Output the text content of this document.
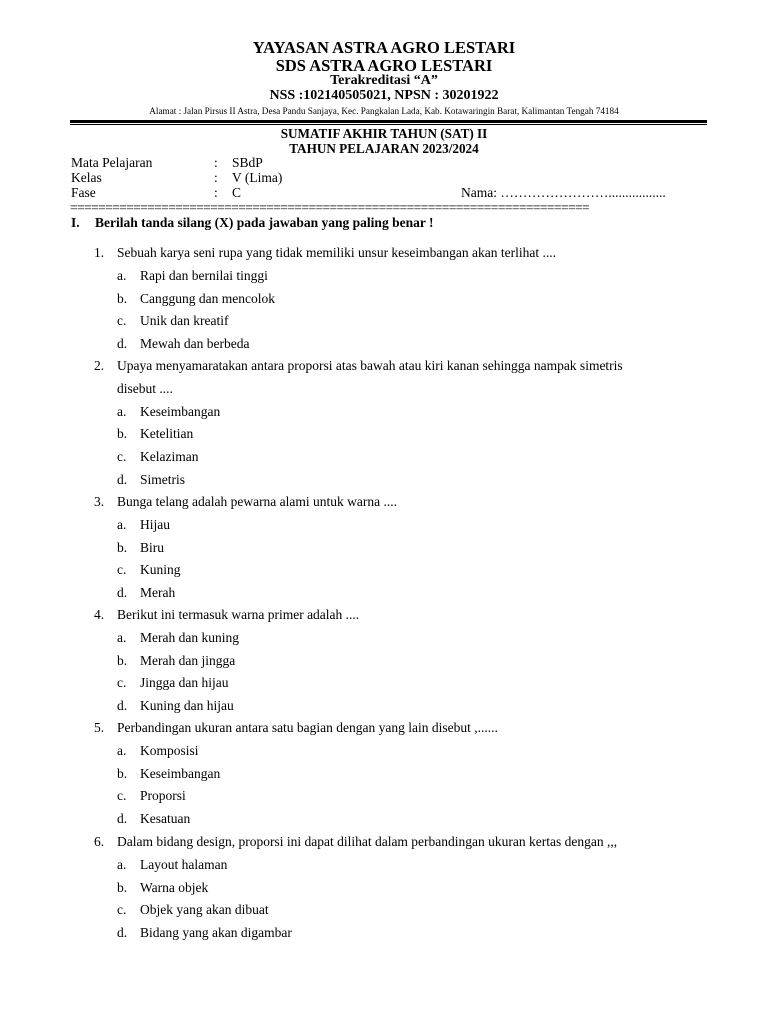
YAYASAN ASTRA AGRO LESTARI
SDS ASTRA AGRO LESTARI
Terakreditasi “A”
NSS :102140505021, NPSN : 30201922
Alamat : Jalan Pirsus II Astra, Desa Pandu Sanjaya, Kec. Pangkalan Lada, Kab. Kotawaringin Barat, Kalimantan Tengah 74184
SUMATIF AKHIR TAHUN (SAT) II
TAHUN PELAJARAN 2023/2024
Mata Pelajaran	: SBdP
Kelas	: V (Lima)
Fase	: C	Nama: …………………….................
==========================================================================
I. Berilah tanda silang (X) pada jawaban yang paling benar !
1. Sebuah karya seni rupa yang tidak memiliki unsur keseimbangan akan terlihat ....
a. Rapi dan bernilai tinggi
b. Canggung dan mencolok
c. Unik dan kreatif
d. Mewah dan berbeda
2. Upaya menyamaratakan antara proporsi atas bawah atau kiri kanan sehingga nampak simetris
disebut ....
a. Keseimbangan
b. Ketelitian
c. Kelaziman
d. Simetris
3. Bunga telang adalah pewarna alami untuk warna ....
a. Hijau
b. Biru
c. Kuning
d. Merah
4. Berikut ini termasuk warna primer adalah ....
a. Merah dan kuning
b. Merah dan jingga
c. Jingga dan hijau
d. Kuning dan hijau
5. Perbandingan ukuran antara satu bagian dengan yang lain disebut ,......
a. Komposisi
b. Keseimbangan
c. Proporsi
d. Kesatuan
6. Dalam bidang design, proporsi ini dapat dilihat dalam perbandingan ukuran kertas dengan ,,,
a. Layout halaman
b. Warna objek
c. Objek yang akan dibuat
d. Bidang yang akan digambar
